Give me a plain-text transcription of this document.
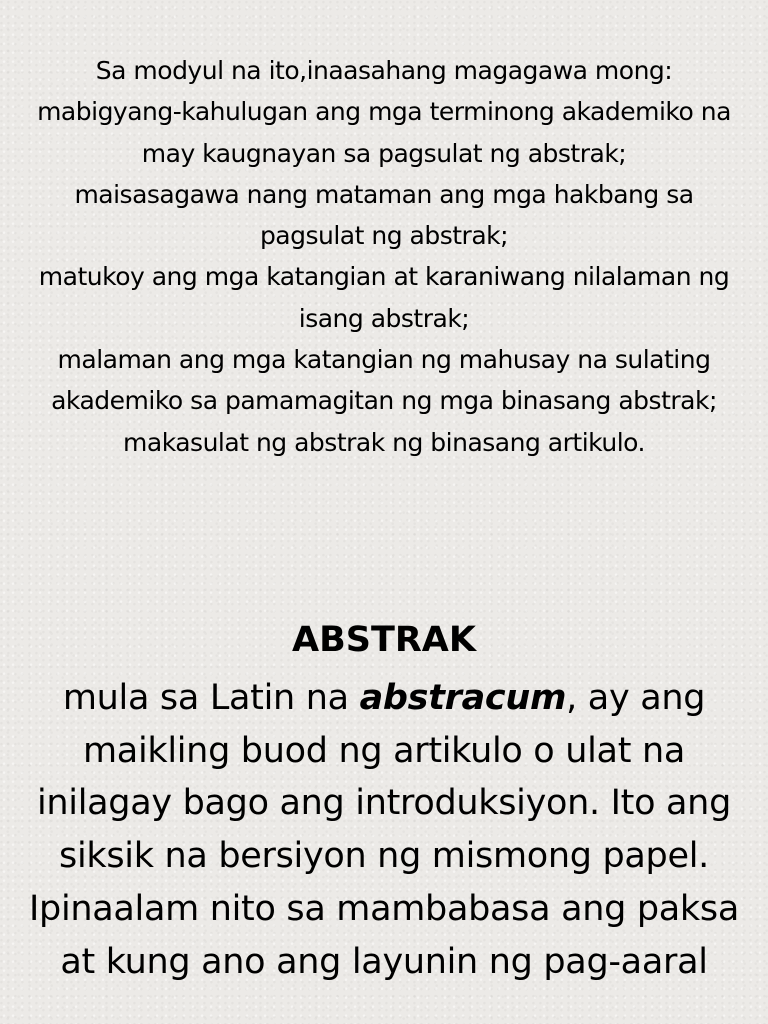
Sa modyul na ito,inaasahang magagawa mong:

mabigyang-kahulugan ang mga terminong akademiko na may kaugnayan sa pagsulat ng abstrak;

maisasagawa nang mataman ang mga hakbang sa pagsulat ng abstrak;

matukoy ang mga katangian at karaniwang nilalaman ng isang abstrak;

malaman ang mga katangian ng mahusay na sulating akademiko sa pamamagitan ng mga binasang abstrak;

makasulat ng abstrak ng binasang artikulo.

ABSTRAK

mula sa Latin na abstracum, ay ang maikling buod ng artikulo o ulat na inilagay bago ang introduksiyon. Ito ang siksik na bersiyon ng mismong papel. Ipinaalam nito sa mambabasa ang paksa at kung ano ang layunin ng pag-aaral
